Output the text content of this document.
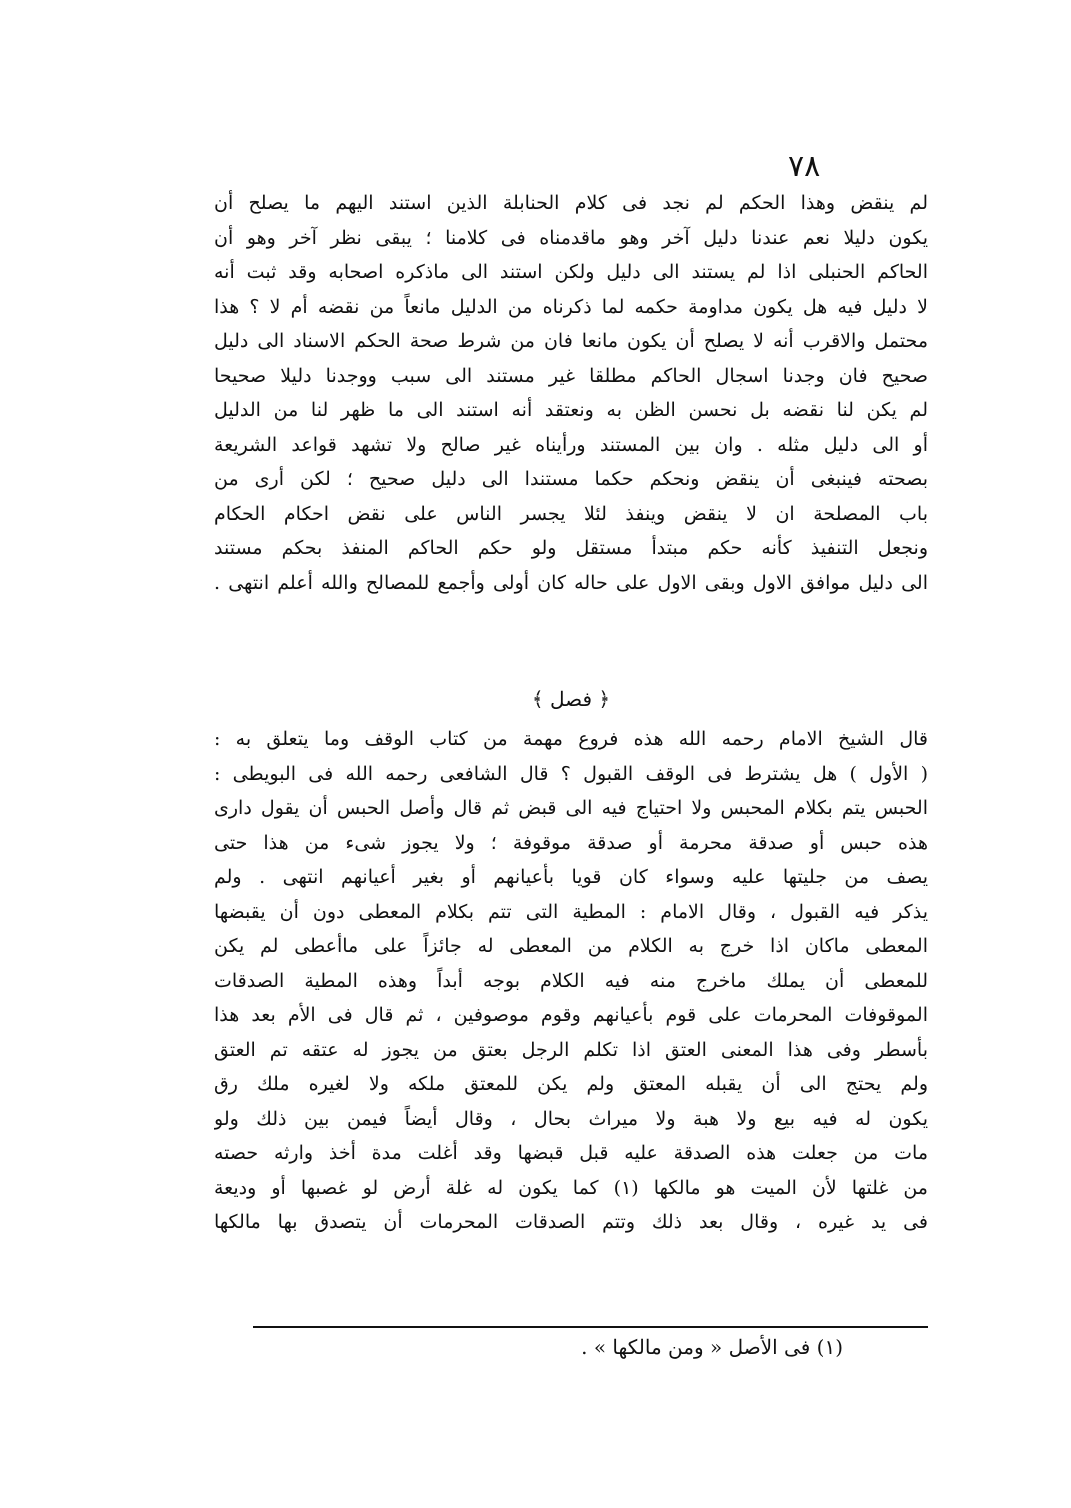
٧٨
لم ينقض وهذا الحكم لم نجد فى كلام الحنابلة الذين استند اليهم ما يصلح أن
يكون دليلا نعم عندنا دليل آخر وهو ماقدمناه فى كلامنا ؛ يبقى نظر آخر وهو أن
الحاكم الحنبلى اذا لم يستند الى دليل ولكن استند الى ماذكره اصحابه وقد ثبت أنه
لا دليل فيه هل يكون مداومة حكمه لما ذكرناه من الدليل مانعاً من نقضه أم لا ؟ هذا
محتمل والاقرب أنه لا يصلح أن يكون مانعا فان من شرط صحة الحكم الاسناد الى دليل
صحيح فان وجدنا اسجال الحاكم مطلقا غير مستند الى سبب ووجدنا دليلا صحيحا
لم يكن لنا نقضه بل نحسن الظن به ونعتقد أنه استند الى ما ظهر لنا من الدليل
أو الى دليل مثله . وان بين المستند ورأيناه غير صالح ولا تشهد قواعد الشريعة
بصحته فينبغى أن ينقض ونحكم حكما مستندا الى دليل صحيح ؛ لكن أرى من
باب المصلحة ان لا ينقض وينفذ لئلا يجسر الناس على نقض احكام الحكام
ونجعل التنفيذ كأنه حكم مبتدأ مستقل ولو حكم الحاكم المنفذ بحكم مستند
الى دليل موافق الاول وبقى الاول على حاله كان أولى وأجمع للمصالح والله أعلم انتهى .
﴿ فصل ﴾
قال الشيخ الامام رحمه الله هذه فروع مهمة من كتاب الوقف وما يتعلق به :
( الأول ) هل يشترط فى الوقف القبول ؟ قال الشافعى رحمه الله فى البويطى :
الحبس يتم بكلام المحبس ولا احتياج فيه الى قبض ثم قال وأصل الحبس أن يقول دارى
هذه حبس أو صدقة محرمة أو صدقة موقوفة ؛ ولا يجوز شىء من هذا حتى
يصف من جليتها عليه وسواء كان قويا بأعيانهم أو بغير أعيانهم انتهى . ولم
يذكر فيه القبول ، وقال الامام : المطية التى تتم بكلام المعطى دون أن يقبضها
المعطى ماكان اذا خرج به الكلام من المعطى له جائزاً على ماأعطى لم يكن
للمعطى أن يملك ماخرج منه فيه الكلام بوجه أبداً وهذه المطية الصدقات
الموقوفات المحرمات على قوم بأعيانهم وقوم موصوفين ، ثم قال فى الأم بعد هذا
بأسطر وفى هذا المعنى العتق اذا تكلم الرجل بعتق من يجوز له عتقه تم العتق
ولم يحتج الى أن يقبله المعتق ولم يكن للمعتق ملكه ولا لغيره ملك رق
يكون له فيه بيع ولا هبة ولا ميراث بحال ، وقال أيضاً فيمن بين ذلك ولو
مات من جعلت هذه الصدقة عليه قبل قبضها وقد أغلت مدة أخذ وارثه حصته
من غلتها لأن الميت هو مالكها (١) كما يكون له غلة أرض لو غصبها أو وديعة
فى يد غيره ، وقال بعد ذلك وتتم الصدقات المحرمات أن يتصدق بها مالكها
(١) فى الأصل « ومن مالكها » .
